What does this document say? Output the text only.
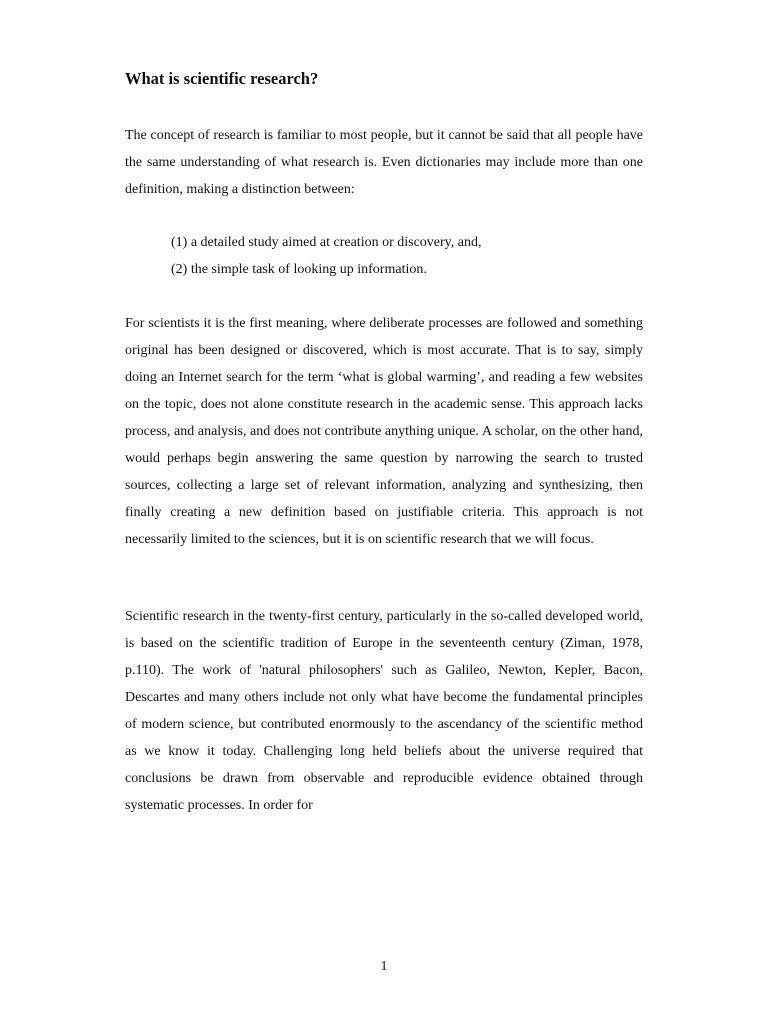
What is scientific research?

The concept of research is familiar to most people, but it cannot be said that all people have the same understanding of what research is. Even dictionaries may include more than one definition, making a distinction between:

(1) a detailed study aimed at creation or discovery, and,
(2) the simple task of looking up information.

For scientists it is the first meaning, where deliberate processes are followed and something original has been designed or discovered, which is most accurate. That is to say, simply doing an Internet search for the term ‘what is global warming’, and reading a few websites on the topic, does not alone constitute research in the academic sense. This approach lacks process, and analysis, and does not contribute anything unique. A scholar, on the other hand, would perhaps begin answering the same question by narrowing the search to trusted sources, collecting a large set of relevant information, analyzing and synthesizing, then finally creating a new definition based on justifiable criteria. This approach is not necessarily limited to the sciences, but it is on scientific research that we will focus.

Scientific research in the twenty-first century, particularly in the so-called developed world, is based on the scientific tradition of Europe in the seventeenth century (Ziman, 1978, p.110). The work of 'natural philosophers' such as Galileo, Newton, Kepler, Bacon, Descartes and many others include not only what have become the fundamental principles of modern science, but contributed enormously to the ascendancy of the scientific method as we know it today. Challenging long held beliefs about the universe required that conclusions be drawn from observable and reproducible evidence obtained through systematic processes. In order for

1
